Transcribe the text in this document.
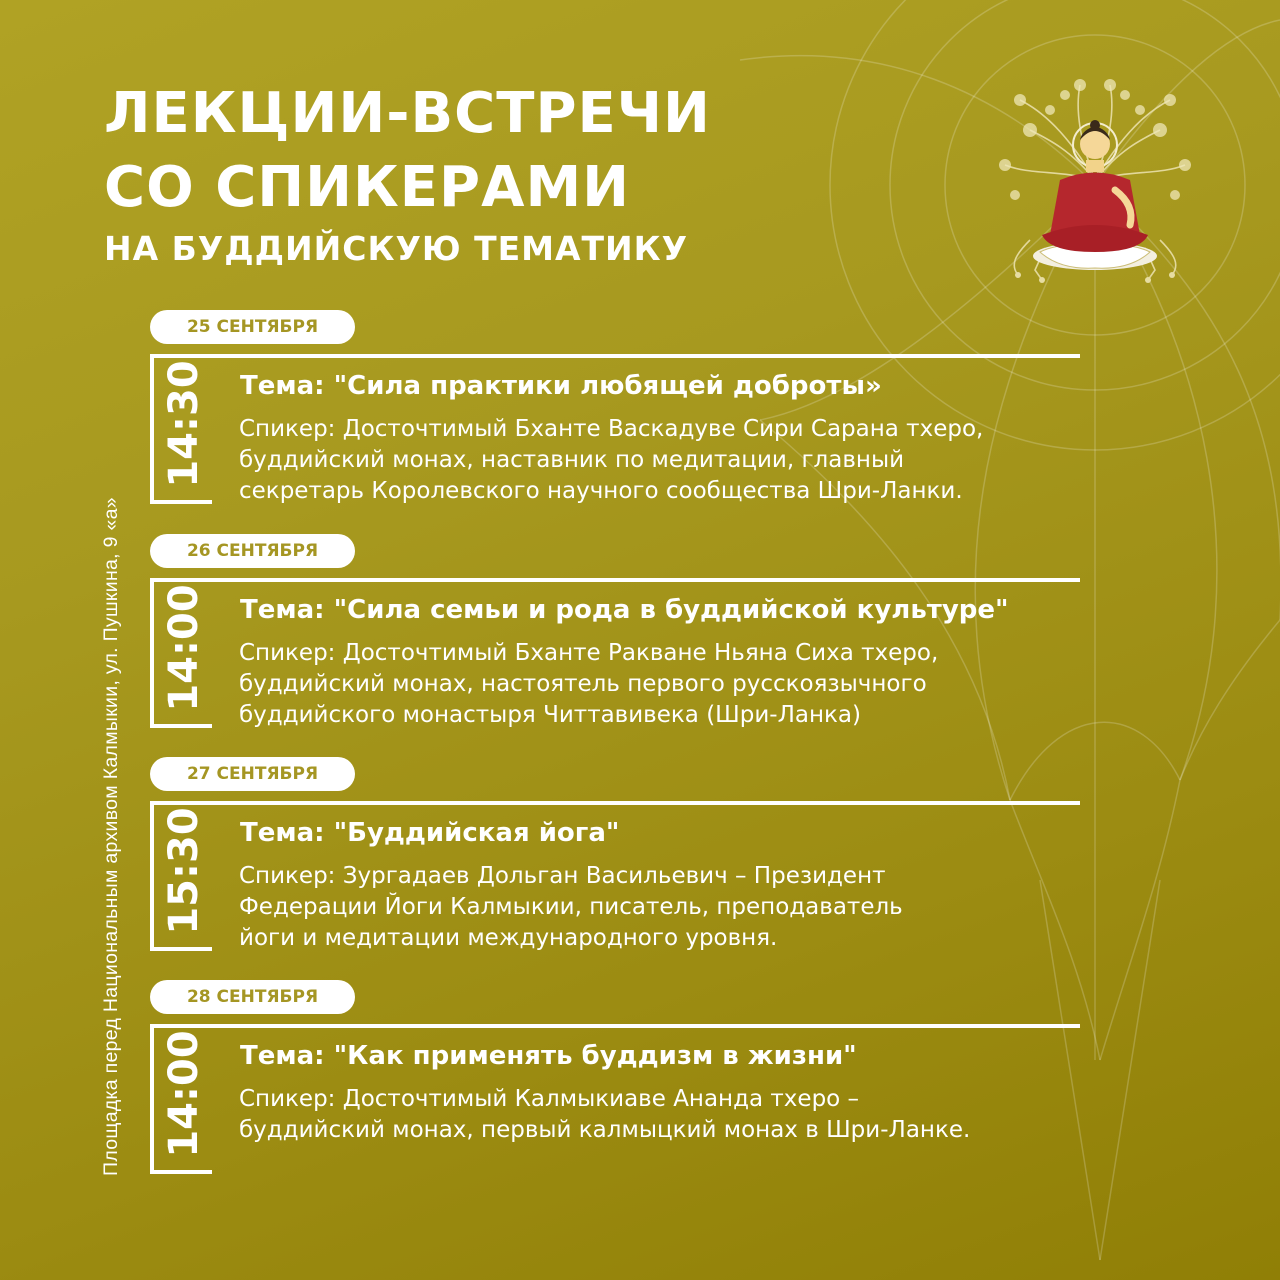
ЛЕКЦИИ-ВСТРЕЧИ
СО СПИКЕРАМИ
НА БУДДИЙСКУЮ ТЕМАТИКУ
Площадка перед Национальным архивом Калмыкии, ул. Пушкина, 9 «а»
25 СЕНТЯБРЯ
14:30 Тема: "Сила практики любящей доброты»

Спикер: Досточтимый Бханте Васкадуве Сири Сарана тхеро,
буддийский монах, наставник по медитации, главный
секретарь Королевского научного сообщества Шри-Ланки.

26 СЕНТЯБРЯ
14:00 Тема: "Сила семьи и рода в буддийской культуре"

Спикер: Досточтимый Бханте Ракване Ньяна Сиха тхеро,
буддийский монах, настоятель первого русскоязычного
буддийского монастыря Читтавивека (Шри-Ланка)

27 СЕНТЯБРЯ
15:30 Тема: "Буддийская йога"

Спикер: Зургадаев Дольган Васильевич – Президент
Федерации Йоги Калмыкии, писатель, преподаватель
йоги и медитации международного уровня.

28 СЕНТЯБРЯ
14:00 Тема: "Как применять буддизм в жизни"

Спикер: Досточтимый Калмыкиаве Ананда тхеро –
буддийский монах, первый калмыцкий монах в Шри-Ланке.
